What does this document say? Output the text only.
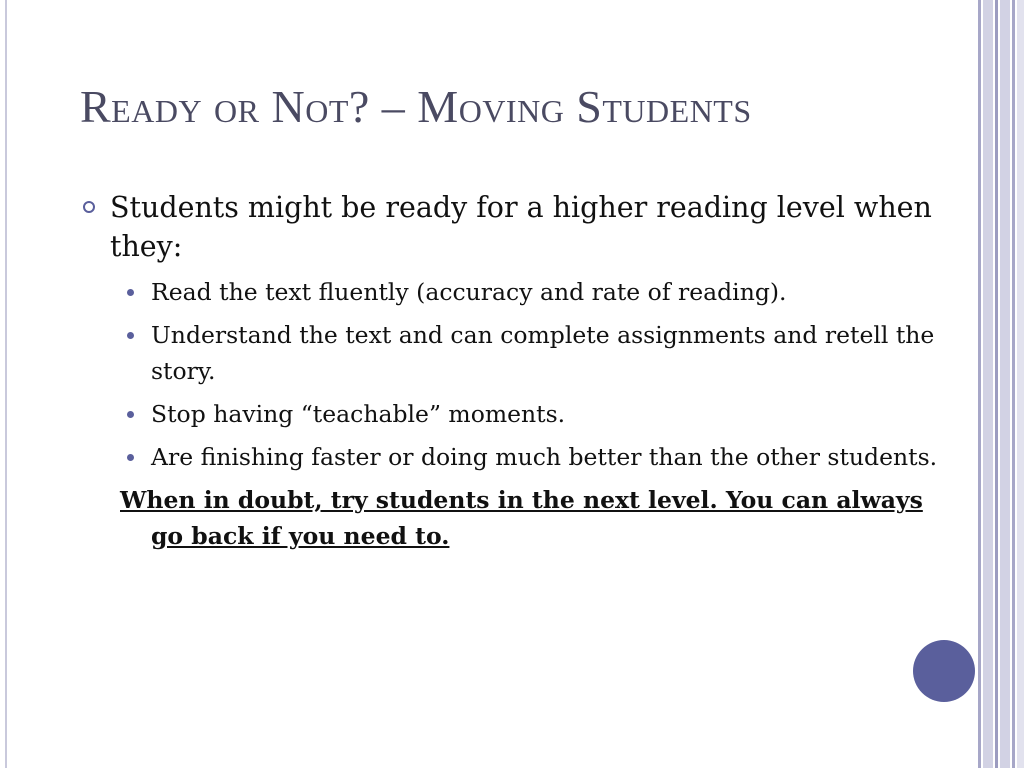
Ready or Not? – Moving Students
Students might be ready for a higher reading level when they:
Read the text fluently (accuracy and rate of reading).
Understand the text and can complete assignments and retell the story.
Stop having “teachable” moments.
Are finishing faster or doing much better than the other students.
When in doubt, try students in the next level. You can always go back if you need to.
